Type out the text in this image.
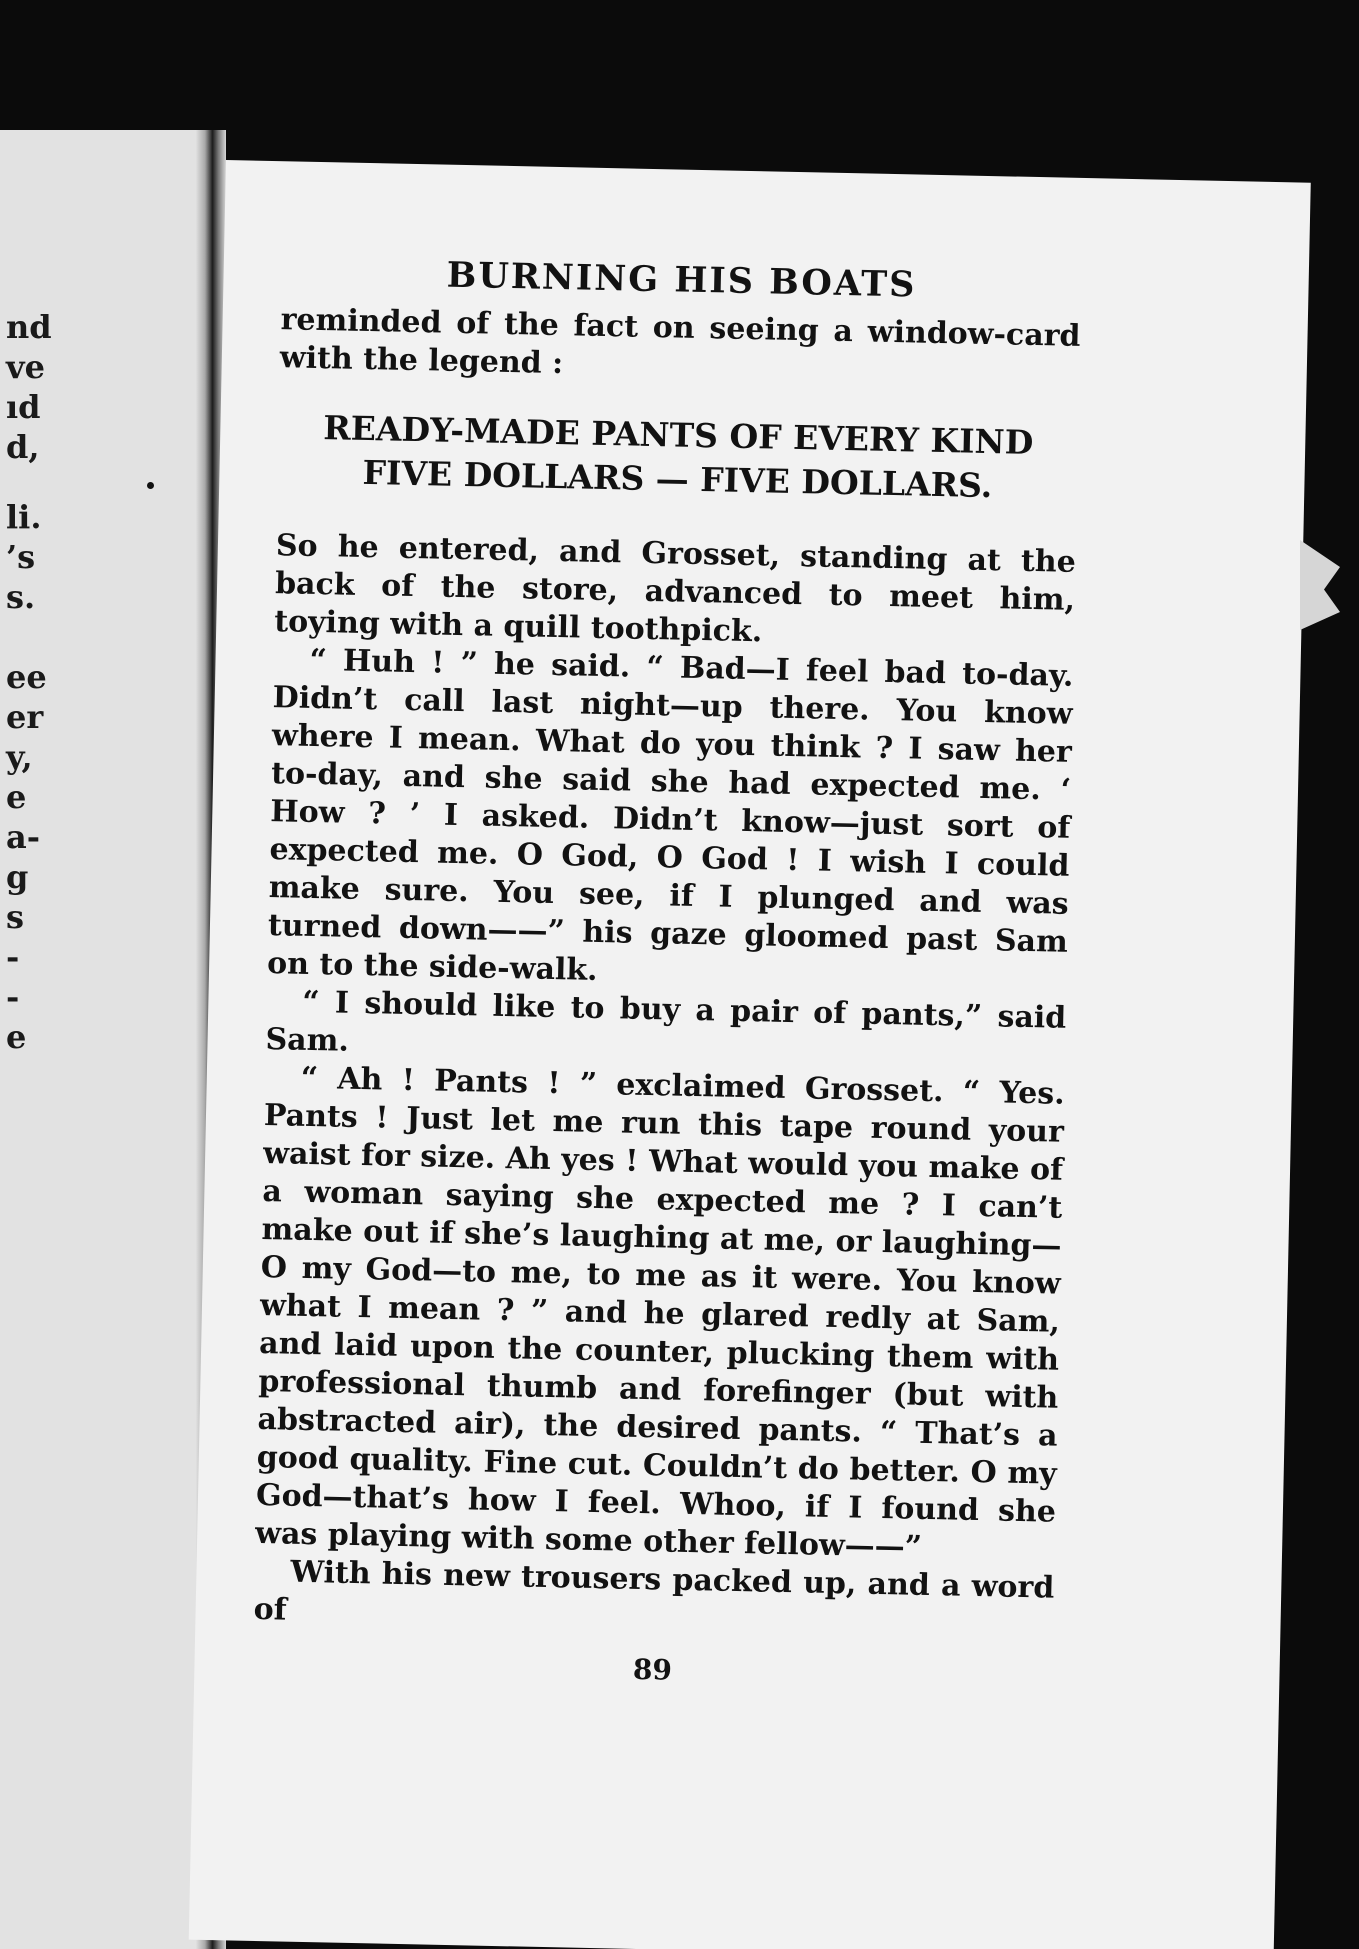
nd
ve
ıd
d,
li.
’s
s.
ee
er
y,
e
a-
g
s
-
-
e
BURNING HIS BOATS

reminded of the fact on seeing a window-card with the legend :

READY-MADE PANTS OF EVERY KIND
FIVE DOLLARS — FIVE DOLLARS.

So he entered, and Grosset, standing at the back of the store, advanced to meet him, toying with a quill toothpick.

“ Huh ! ” he said. “ Bad—I feel bad to-day. Didn’t call last night—up there. You know where I mean. What do you think ? I saw her to-day, and she said she had expected me. ‘ How ? ’ I asked. Didn’t know—just sort of expected me. O God, O God ! I wish I could make sure. You see, if I plunged and was turned down——” his gaze gloomed past Sam on to the side-walk.

“ I should like to buy a pair of pants,” said Sam.

“ Ah ! Pants ! ” exclaimed Grosset. “ Yes. Pants ! Just let me run this tape round your waist for size. Ah yes ! What would you make of a woman saying she expected me ? I can’t make out if she’s laughing at me, or laughing—O my God—to me, to me as it were. You know what I mean ? ” and he glared redly at Sam, and laid upon the counter, plucking them with professional thumb and forefinger (but with abstracted air), the desired pants. “ That’s a good quality. Fine cut. Couldn’t do better. O my God—that’s how I feel. Whoo, if I found she was playing with some other fellow——”

With his new trousers packed up, and a word of

89
